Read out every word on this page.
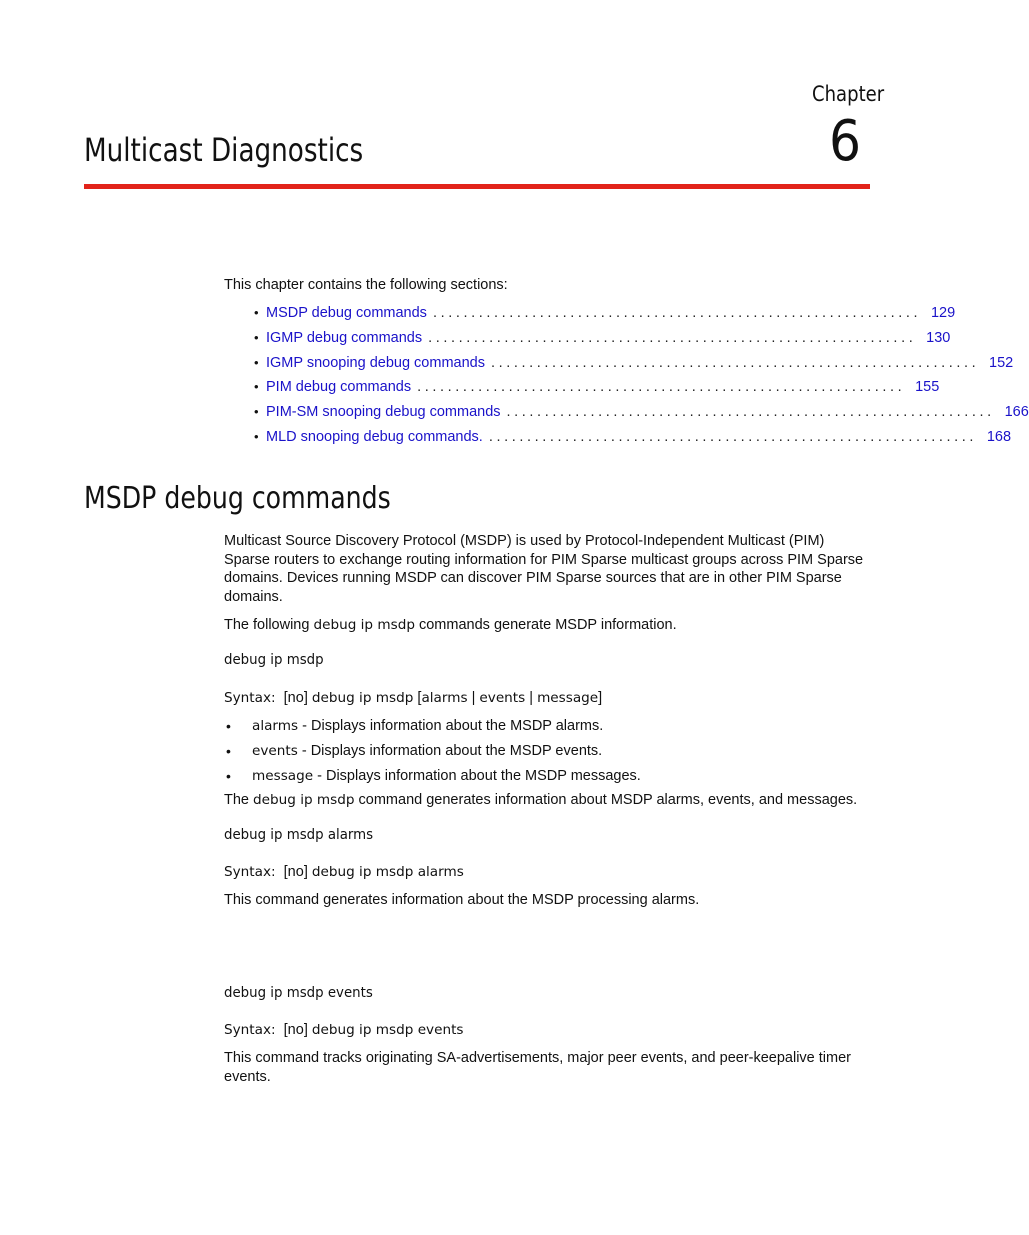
Chapter
6
Multicast Diagnostics
This chapter contains the following sections:
• MSDP debug commands ................................................................ 129
• IGMP debug commands ................................................................ 130
• IGMP snooping debug commands ................................................................ 152
• PIM debug commands ................................................................ 155
• PIM-SM snooping debug commands ................................................................ 166
• MLD snooping debug commands. ................................................................ 168
MSDP debug commands

Multicast Source Discovery Protocol (MSDP) is used by Protocol-Independent Multicast (PIM) Sparse routers to exchange routing information for PIM Sparse multicast groups across PIM Sparse domains. Devices running MSDP can discover PIM Sparse sources that are in other PIM Sparse domains.

The following debug ip msdp commands generate MSDP information.

debug ip msdp
Syntax: [no] debug ip msdp [alarms | events | message]
• alarms - Displays information about the MSDP alarms.
• events - Displays information about the MSDP events.
• message - Displays information about the MSDP messages.

The debug ip msdp command generates information about MSDP alarms, events, and messages.

debug ip msdp alarms
Syntax: [no] debug ip msdp alarms

This command generates information about the MSDP processing alarms.

debug ip msdp events
Syntax: [no] debug ip msdp events

This command tracks originating SA-advertisements, major peer events, and peer-keepalive timer events.
